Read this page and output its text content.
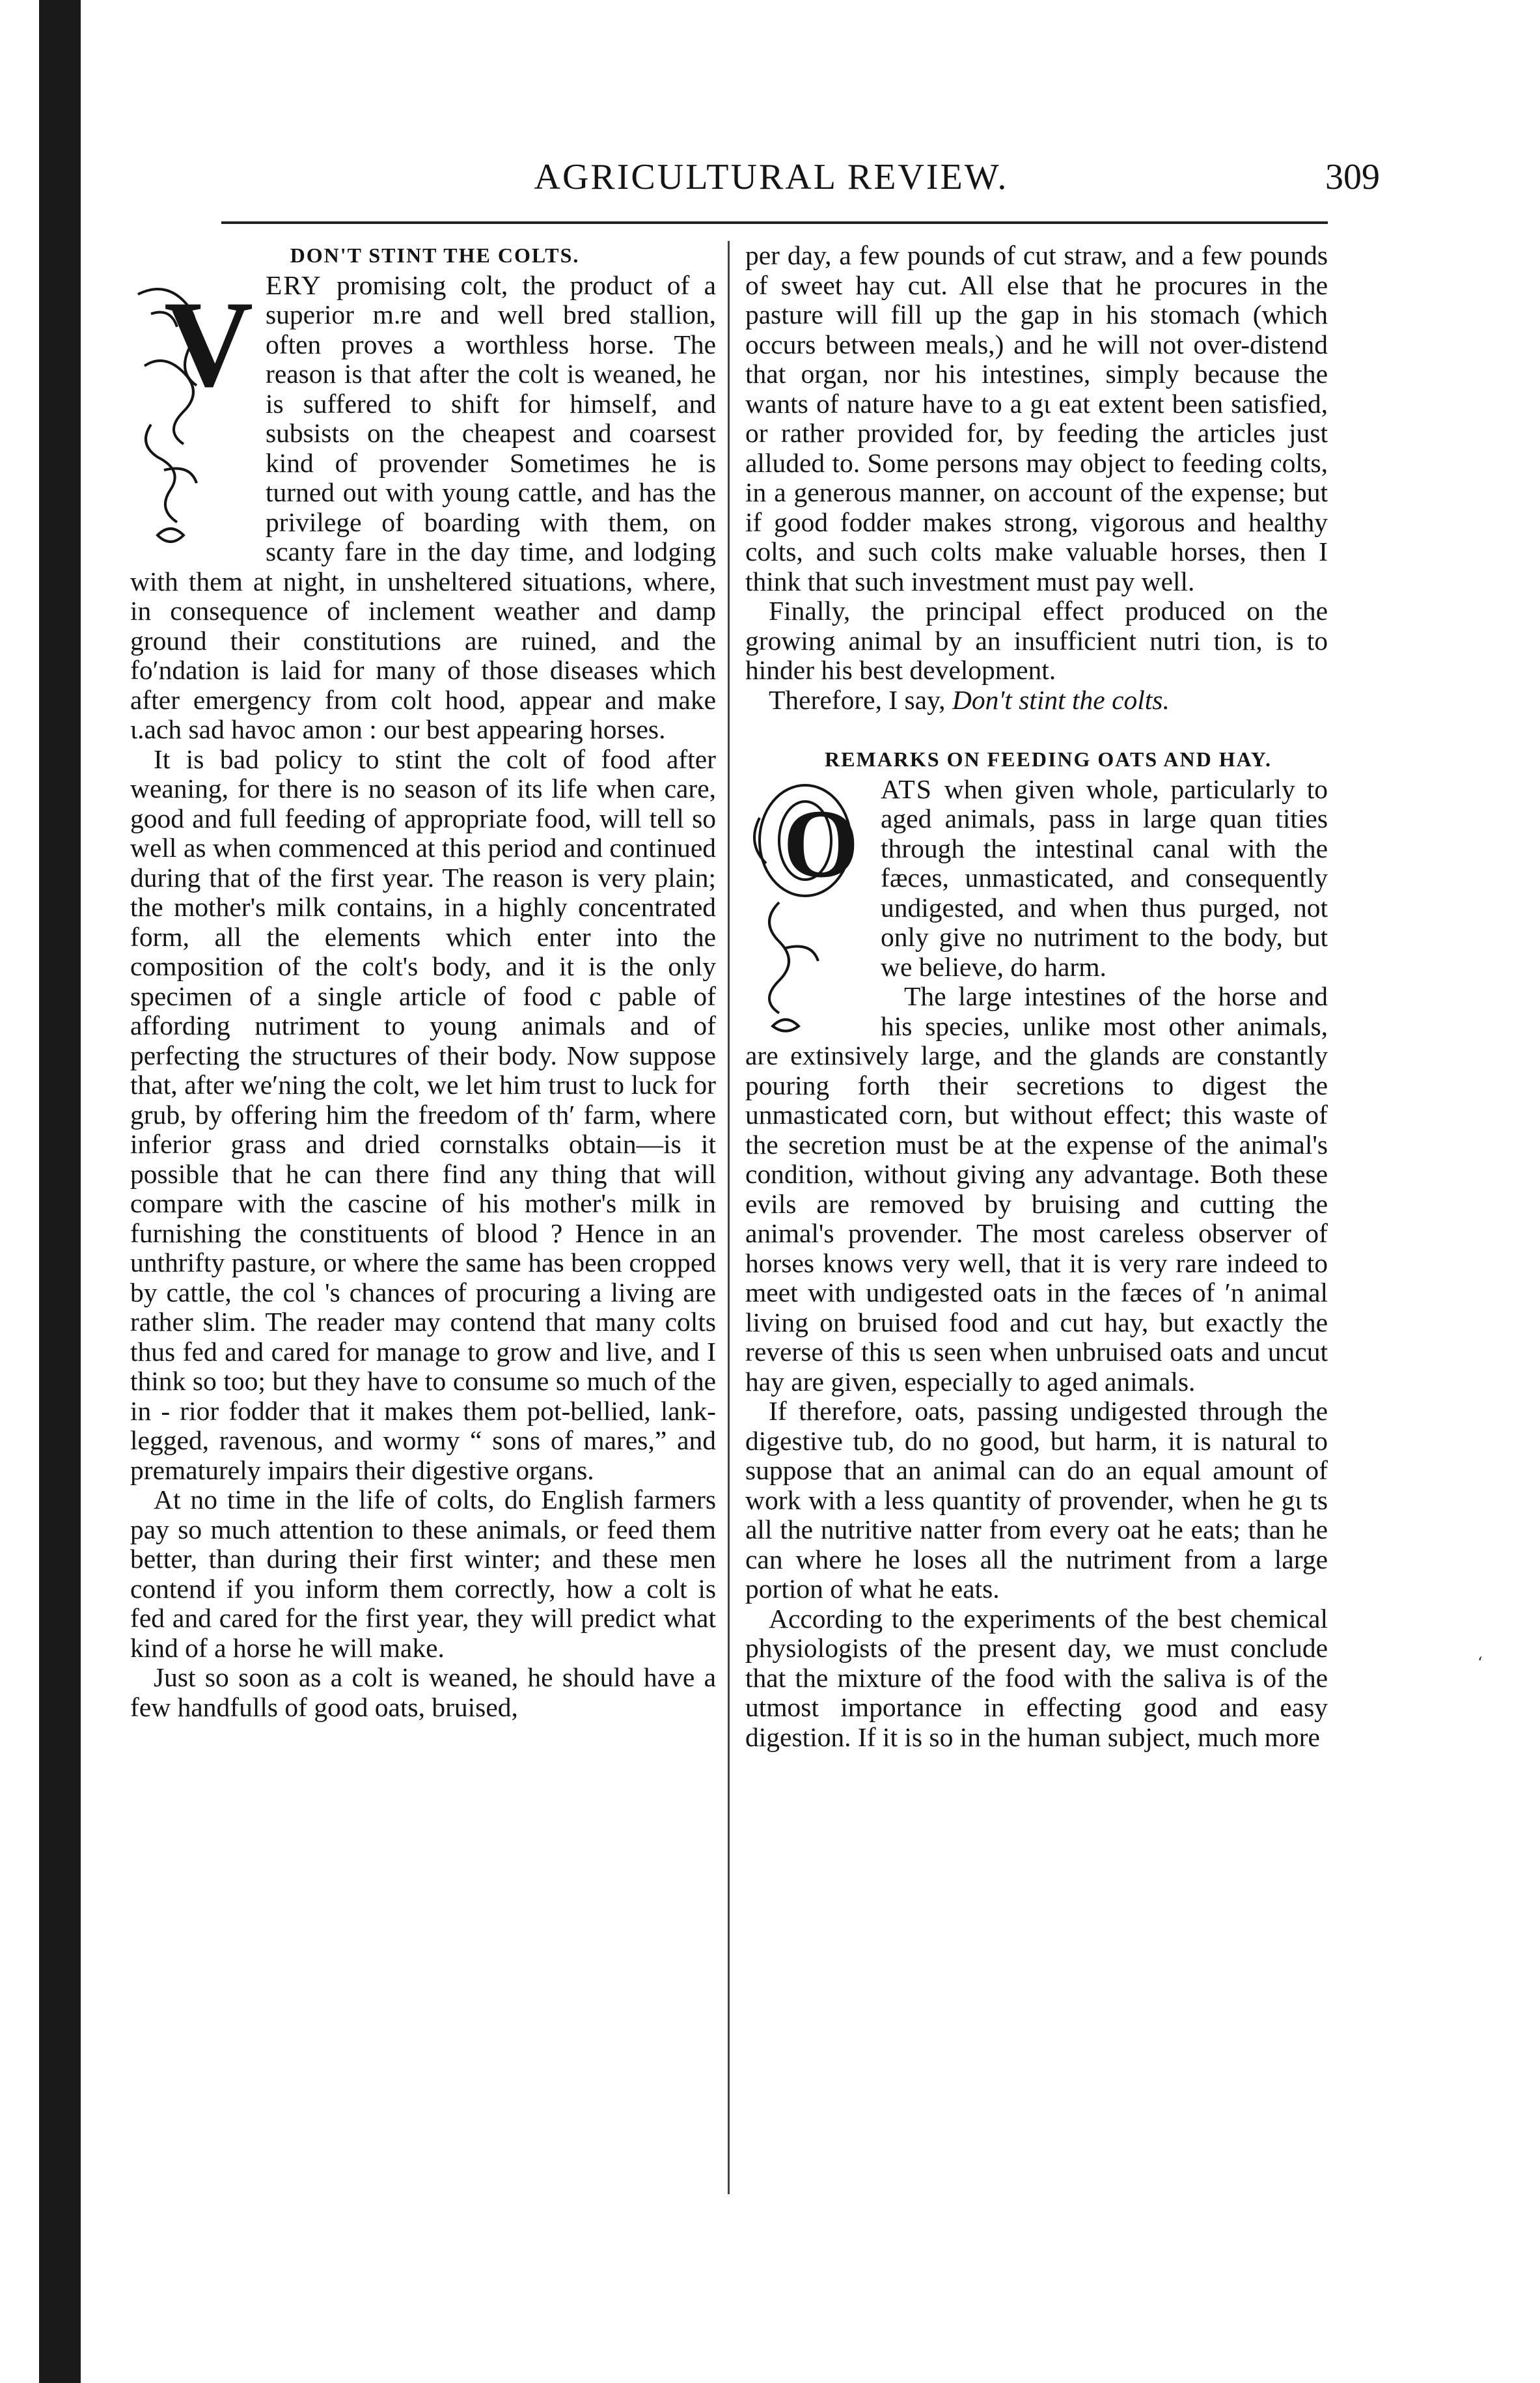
AGRICULTURAL REVIEW.	309

DON'T STINT THE COLTS.

V ERY promising colt, the product of a superior m.re and well bred stallion, often proves a worthless horse. The reason is that after the colt is weaned, he is suffered to shift for himself, and subsists on the cheapest and coarsest kind of provender Sometimes he is turned out with young cattle, and has the privilege of boarding with them, on scanty fare in the day time, and lodging with them at night, in unsheltered situations, where, in consequence of inclement weather and damp ground their constitutions are ruined, and the fo′ndation is laid for many of those diseases which after emergency from colt hood, appear and make ι.ach sad havoc amon : our best appearing horses.

It is bad policy to stint the colt of food after weaning, for there is no season of its life when care, good and full feeding of appropriate food, will tell so well as when commenced at this period and continued during that of the first year. The reason is very plain; the mother's milk contains, in a highly concentrated form, all the elements which enter into the composition of the colt's body, and it is the only specimen of a single article of food c pable of affording nutriment to young animals and of perfecting the structures of their body. Now suppose that, after we′ning the colt, we let him trust to luck for grub, by offering him the freedom of th′ farm, where inferior grass and dried cornstalks obtain—is it possible that he can there find any thing that will compare with the cascine of his mother's milk in furnishing the constituents of blood ? Hence in an unthrifty pasture, or where the same has been cropped by cattle, the col 's chances of procuring a living are rather slim. The reader may contend that many colts thus fed and cared for manage to grow and live, and I think so too; but they have to consume so much of the in - rior fodder that it makes them pot-bellied, lank-legged, ravenous, and wormy “ sons of mares,” and prematurely impairs their digestive organs.

At no time in the life of colts, do English farmers pay so much attention to these animals, or feed them better, than during their first winter; and these men contend if you inform them correctly, how a colt is fed and cared for the first year, they will predict what kind of a horse he will make.

Just so soon as a colt is weaned, he should have a few handfulls of good oats, bruised,

per day, a few pounds of cut straw, and a few pounds of sweet hay cut. All else that he procures in the pasture will fill up the gap in his stomach (which occurs between meals,) and he will not over-distend that organ, nor his intestines, simply because the wants of nature have to a gι eat extent been satisfied, or rather provided for, by feeding the articles just alluded to. Some persons may object to feeding colts, in a generous manner, on account of the expense; but if good fodder makes strong, vigorous and healthy colts, and such colts make valuable horses, then I think that such investment must pay well.

Finally, the principal effect produced on the growing animal by an insufficient nutri tion, is to hinder his best development.

Therefore, I say, Don't stint the colts.

REMARKS ON FEEDING OATS AND HAY.

O

ATS when given whole, particularly to aged animals, pass in large quan tities through the intestinal canal with the fæces, unmasticated, and consequently undigested, and when thus purged, not only give no nutriment to the body, but we believe, do harm.

The large intestines of the horse and his species, unlike most other animals, are extinsively large, and the glands are constantly pouring forth their secretions to digest the unmasticated corn, but without effect; this waste of the secretion must be at the expense of the animal's condition, without giving any advantage. Both these evils are removed by bruising and cutting the animal's provender. The most careless observer of horses knows very well, that it is very rare indeed to meet with undigested oats in the fæces of ′n animal living on bruised food and cut hay, but exactly the reverse of this ιs seen when unbruised oats and uncut hay are given, especially to aged animals.

If therefore, oats, passing undigested through the digestive tub, do no good, but harm, it is natural to suppose that an animal can do an equal amount of work with a less quantity of provender, when he gι ts all the nutritive natter from every oat he eats; than he can where he loses all the nutriment from a large portion of what he eats.

According to the experiments of the best chemical physiologists of the present day, we must conclude that the mixture of the food with the saliva is of the utmost importance in effecting good and easy digestion. If it is so in the human subject, much more

‘
